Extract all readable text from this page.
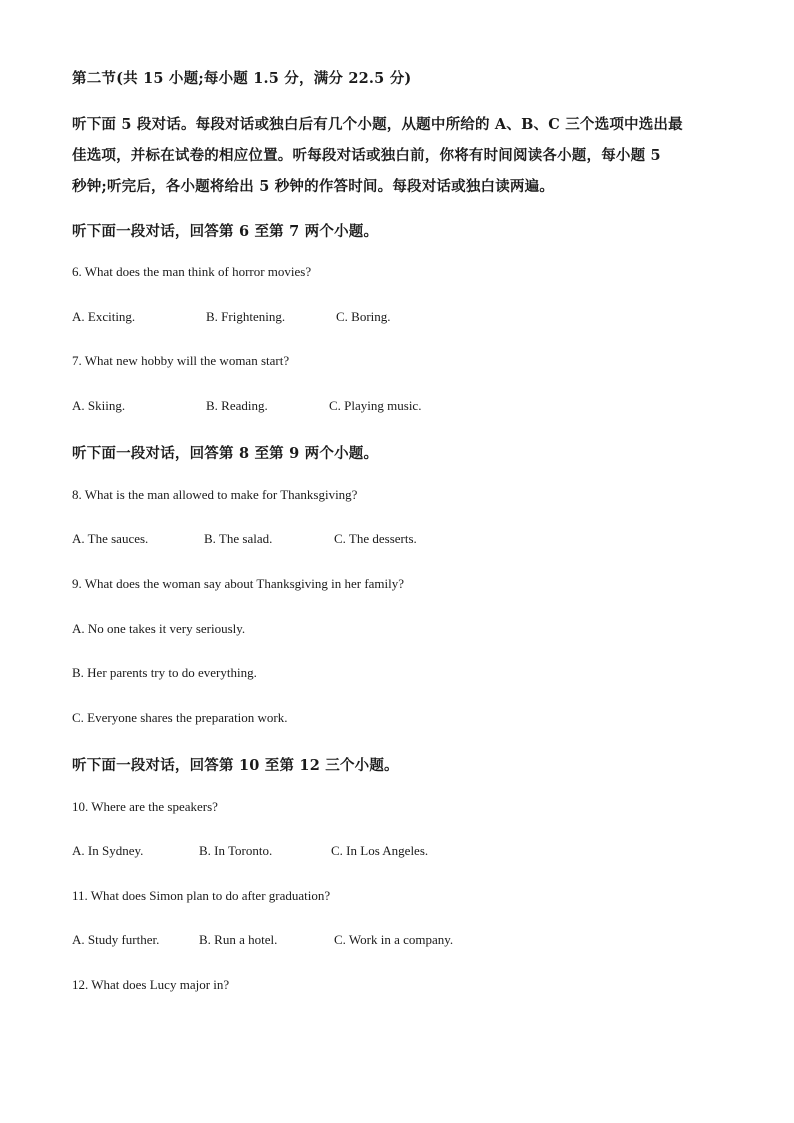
第二节(共 15 小题;每小题 1.5 分，满分 22.5 分)
听下面 5 段对话。每段对话或独白后有几个小题，从题中所给的 A、B、C 三个选项中选出最
佳选项，并标在试卷的相应位置。听每段对话或独白前，你将有时间阅读各小题，每小题 5
秒钟;听完后，各小题将给出 5 秒钟的作答时间。每段对话或独白读两遍。
听下面一段对话，回答第 6 至第 7 两个小题。
6. What does the man think of horror movies?
A. Exciting.	B. Frightening.	C. Boring.
7. What new hobby will the woman start?
A. Skiing.	B. Reading.	C. Playing music.
听下面一段对话，回答第 8 至第 9 两个小题。
8. What is the man allowed to make for Thanksgiving?
A. The sauces.	B. The salad.	C. The desserts.
9. What does the woman say about Thanksgiving in her family?
A. No one takes it very seriously.
B. Her parents try to do everything.
C. Everyone shares the preparation work.
听下面一段对话，回答第 10 至第 12 三个小题。
10. Where are the speakers?
A. In Sydney.	B. In Toronto.	C. In Los Angeles.
11. What does Simon plan to do after graduation?
A. Study further.	B. Run a hotel.	C. Work in a company.
12. What does Lucy major in?
